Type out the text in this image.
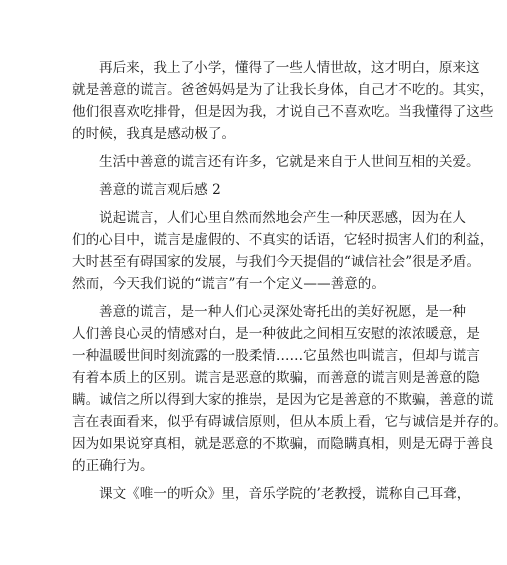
再后来，我上了小学，懂得了一些人情世故，这才明白，原来这
就是善意的谎言。爸爸妈妈是为了让我长身体，自己才不吃的。其实，
他们很喜欢吃排骨，但是因为我，才说自己不喜欢吃。当我懂得了这些
的时候，我真是感动极了。
生活中善意的谎言还有许多，它就是来自于人世间互相的关爱。
善意的谎言观后感 2
说起谎言，人们心里自然而然地会产生一种厌恶感，因为在人
们的心目中，谎言是虚假的、不真实的话语，它轻时损害人们的利益，
大时甚至有碍国家的发展，与我们今天提倡的“诚信社会”很是矛盾。
然而，今天我们说的“谎言”有一个定义——善意的。
善意的谎言，是一种人们心灵深处寄托出的美好祝愿，是一种
人们善良心灵的情感对白，是一种彼此之间相互安慰的浓浓暖意，是
一种温暖世间时刻流露的一股柔情……它虽然也叫谎言，但却与谎言
有着本质上的区别。谎言是恶意的欺骗，而善意的谎言则是善意的隐
瞒。诚信之所以得到大家的推崇，是因为它是善意的不欺骗，善意的谎
言在表面看来，似乎有碍诚信原则，但从本质上看，它与诚信是并存的。
因为如果说穿真相，就是恶意的不欺骗，而隐瞒真相，则是无碍于善良
的正确行为。
课文《唯一的听众》里，音乐学院的’老教授，谎称自己耳聋，
